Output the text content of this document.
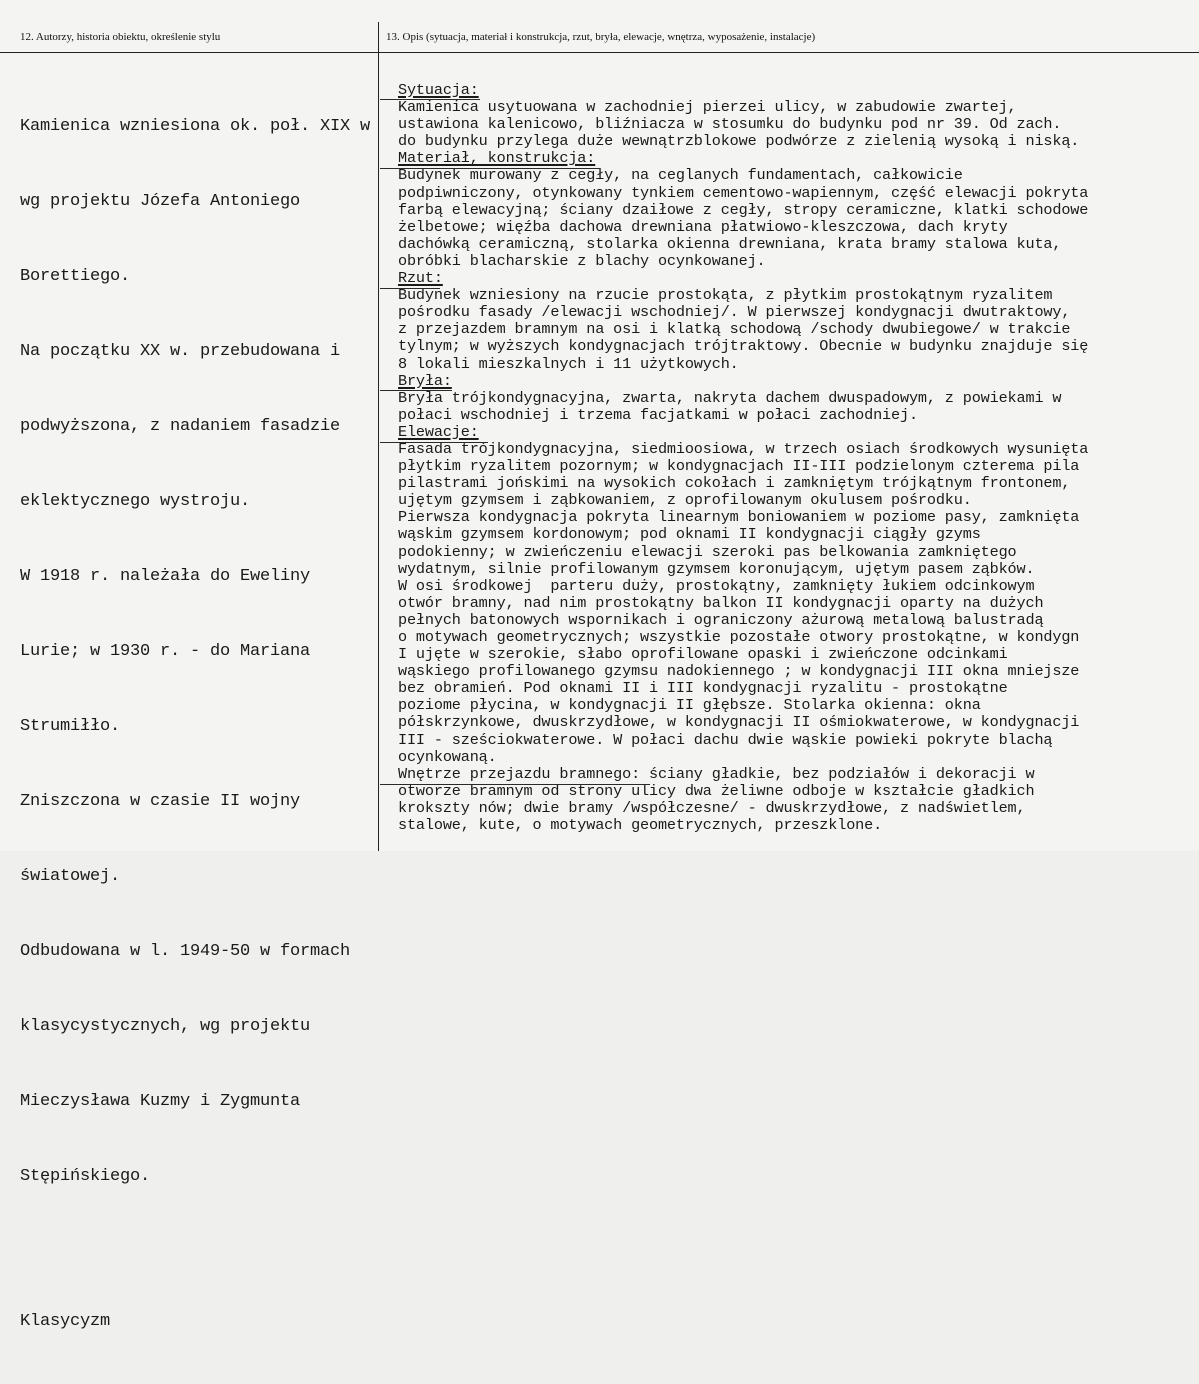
12. Autorzy, historia obiektu, określenie stylu	13. Opis (sytuacja, materiał i konstrukcja, rzut, bryła, elewacje, wnętrza, wyposażenie, instalacje)

Kamienica wzniesiona ok. poł. XIX w

wg projektu Józefa Antoniego

Borettiego.

Na początku XX w. przebudowana i

podwyższona, z nadaniem fasadzie

eklektycznego wystroju.

W 1918 r. należała do Eweliny

Lurie; w 1930 r. - do Mariana

Strumiłło.

Zniszczona w czasie II wojny

światowej.

Odbudowana w l. 1949-50 w formach

klasycystycznych, wg projektu

Mieczysława Kuzmy i Zygmunta

Stępińskiego.

Klasycyzm

Sytuacja:
Kamienica usytuowana w zachodniej pierzei ulicy, w zabudowie zwartej,
ustawiona kalenicowo, bliźniacza w stosumku do budynku pod nr 39. Od zach.
do budynku przylega duże wewnątrzblokowe podwórze z zielenią wysoką i niską.
Materiał, konstrukcja:
Budynek murowany z cegły, na ceglanych fundamentach, całkowicie
podpiwniczony, otynkowany tynkiem cementowo-wapiennym, część elewacji pokryta
farbą elewacyjną; ściany dzaiłowe z cegły, stropy ceramiczne, klatki schodowe
żelbetowe; więźba dachowa drewniana płatwiowo-kleszczowa, dach kryty
dachówką ceramiczną, stolarka okienna drewniana, krata bramy stalowa kuta,
obróbki blacharskie z blachy ocynkowanej.
Rzut:
Budynek wzniesiony na rzucie prostokąta, z płytkim prostokątnym ryzalitem
pośrodku fasady /elewacji wschodniej/. W pierwszej kondygnacji dwutraktowy,
z przejazdem bramnym na osi i klatką schodową /schody dwubiegowe/ w trakcie
tylnym; w wyższych kondygnacjach trójtraktowy. Obecnie w budynku znajduje się
8 lokali mieszkalnych i 11 użytkowych.
Bryła:
Bryła trójkondygnacyjna, zwarta, nakryta dachem dwuspadowym, z powiekami w
połaci wschodniej i trzema facjatkami w połaci zachodniej.
Elewacje:
Fasada trójkondygnacyjna, siedmioosiowa, w trzech osiach środkowych wysunięta
płytkim ryzalitem pozornym; w kondygnacjach II-III podzielonym czterema pila
pilastrami jońskimi na wysokich cokołach i zamkniętym trójkątnym frontonem,
ujętym gzymsem i ząbkowaniem, z oprofilowanym okulusem pośrodku.
Pierwsza kondygnacja pokryta linearnym boniowaniem w poziome pasy, zamknięta
wąskim gzymsem kordonowym; pod oknami II kondygnacji ciągły gzyms
podokienny; w zwieńczeniu elewacji szeroki pas belkowania zamkniętego
wydatnym, silnie profilowanym gzymsem koronującym, ujętym pasem ząbków.
W osi środkowej  parteru duży, prostokątny, zamknięty łukiem odcinkowym
otwór bramny, nad nim prostokątny balkon II kondygnacji oparty na dużych
pełnych batonowych wspornikach i ograniczony ażurową metalową balustradą
o motywach geometrycznych; wszystkie pozostałe otwory prostokątne, w kondygn
I ujęte w szerokie, słabo oprofilowane opaski i zwieńczone odcinkami
wąskiego profilowanego gzymsu nadokiennego ; w kondygnacji III okna mniejsze
bez obramień. Pod oknami II i III kondygnacji ryzalitu - prostokątne
poziome płycina, w kondygnacji II głębsze. Stolarka okienna: okna
półskrzynkowe, dwuskrzydłowe, w kondygnacji II ośmiokwaterowe, w kondygnacji
III - sześciokwaterowe. W połaci dachu dwie wąskie powieki pokryte blachą
ocynkowaną.
Wnętrze przejazdu bramnego: ściany gładkie, bez podziałów i dekoracji w
otworze bramnym od strony ulicy dwa żeliwne odboje w kształcie gładkich
krokszty nów; dwie bramy /współczesne/ - dwuskrzydłowe, z nadświetlem,
stalowe, kute, o motywach geometrycznych, przeszklone.
